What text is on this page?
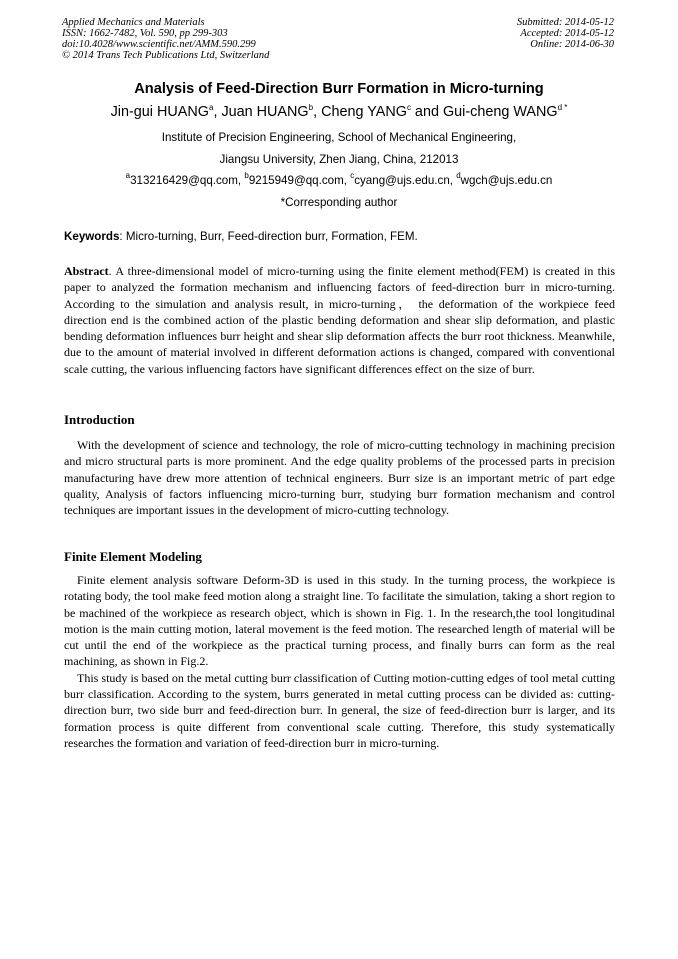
Applied Mechanics and Materials
ISSN: 1662-7482, Vol. 590, pp 299-303
doi:10.4028/www.scientific.net/AMM.590.299
© 2014 Trans Tech Publications Ltd, Switzerland
Submitted: 2014-05-12
Accepted: 2014-05-12
Online: 2014-06-30
Analysis of Feed-Direction Burr Formation in Micro-turning
Jin-gui HUANG$^a$, Juan HUANG$^b$, Cheng YANG$^c$ and Gui-cheng $WANG^{d *}$
Institute of Precision Engineering, School of Mechanical Engineering,
Jiangsu University, Zhen Jiang, China, 212013
$^a$313216429@qq.com, $^b$9215949@qq.com, $^c$cyang@ujs.edu.cn, $^d$wgch@ujs.edu.cn
*Corresponding author
Keywords: Micro-turning, Burr, Feed-direction burr, Formation, FEM.

Abstract. A three-dimensional model of micro-turning using the finite element method(FEM) is created in this paper to analyzed the formation mechanism and influencing factors of feed-direction burr in micro-turning. According to the simulation and analysis result, in micro-turning， the deformation of the workpiece feed direction end is the combined action of the plastic bending deformation and shear slip deformation, and plastic bending deformation influences burr height and shear slip deformation affects the burr root thickness. Meanwhile, due to the amount of material involved in different deformation actions is changed, compared with conventional scale cutting, the various influencing factors have significant differences effect on the size of burr.

Introduction

With the development of science and technology, the role of micro-cutting technology in machining precision and micro structural parts is more prominent. And the edge quality problems of the processed parts in precision manufacturing have drew more attention of technical engineers. Burr size is an important metric of part edge quality, Analysis of factors influencing micro-turning burr, studying burr formation mechanism and control techniques are important issues in the development of micro-cutting technology.

Finite Element Modeling

Finite element analysis software Deform-3D is used in this study. In the turning process, the workpiece is rotating body, the tool make feed motion along a straight line. To facilitate the simulation, taking a short region to be machined of the workpiece as research object, which is shown in Fig. 1. In the research,the tool longitudinal motion is the main cutting motion, lateral movement is the feed motion. The researched length of material will be cut until the end of the workpiece as the practical turning process, and finally burrs can form as the real machining, as shown in Fig.2.

This study is based on the metal cutting burr classification of Cutting motion-cutting edges of tool metal cutting burr classification. According to the system, burrs generated in metal cutting process can be divided as: cutting-direction burr, two side burr and feed-direction burr. In general, the size of feed-direction burr is larger, and its formation process is quite different from conventional scale cutting. Therefore, this study systematically researches the formation and variation of feed-direction burr in micro-turning.
